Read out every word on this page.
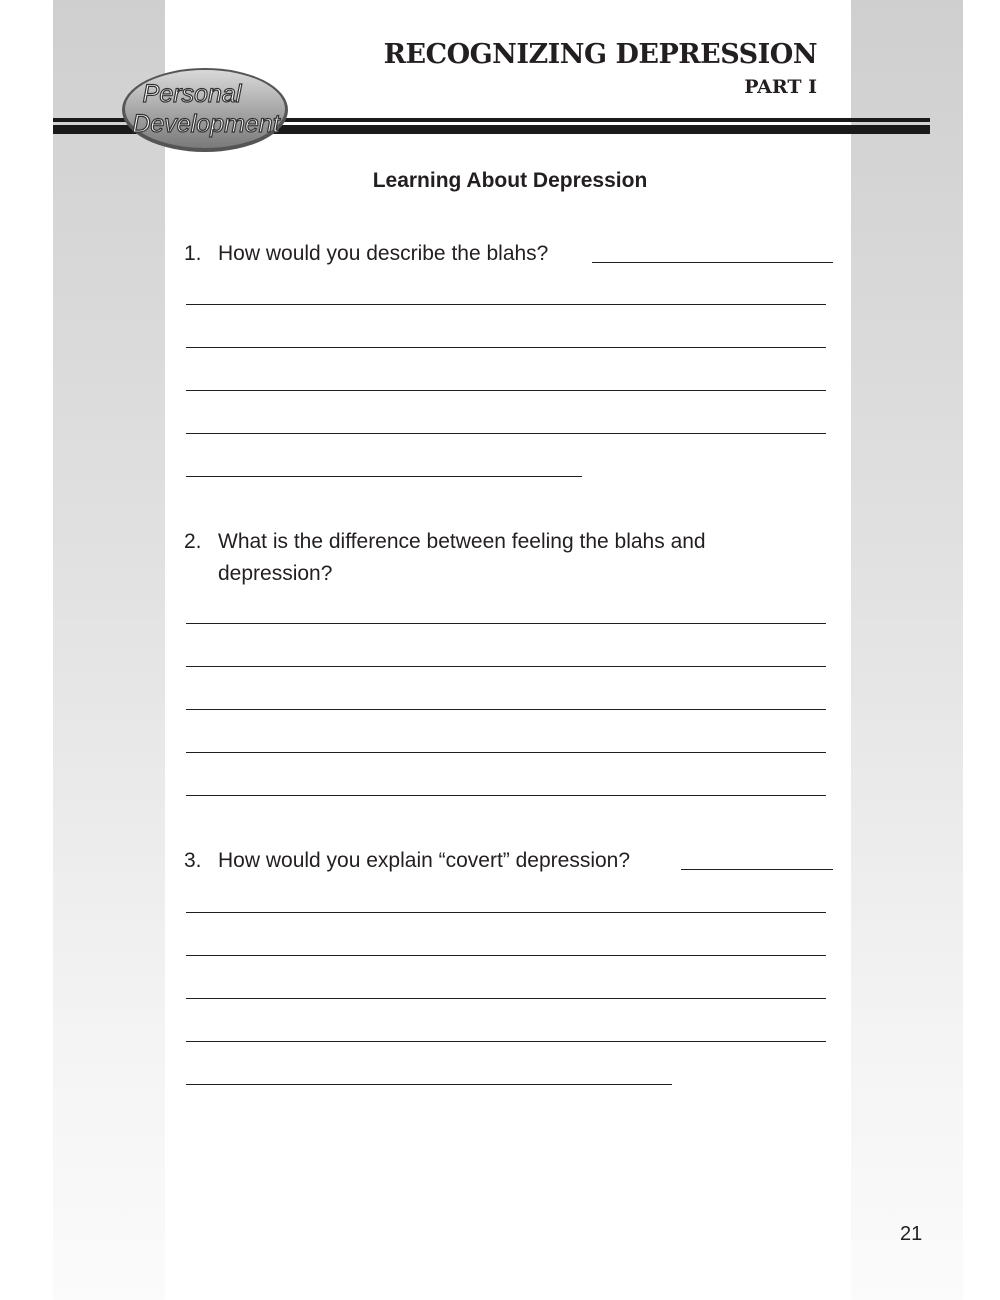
Personal
Development
RECOGNIZING DEPRESSION
PART I
Learning About Depression
1. How would you describe the blahs?
2. What is the difference between feeling the blahs and
depression?
3. How would you explain “covert” depression?
21
